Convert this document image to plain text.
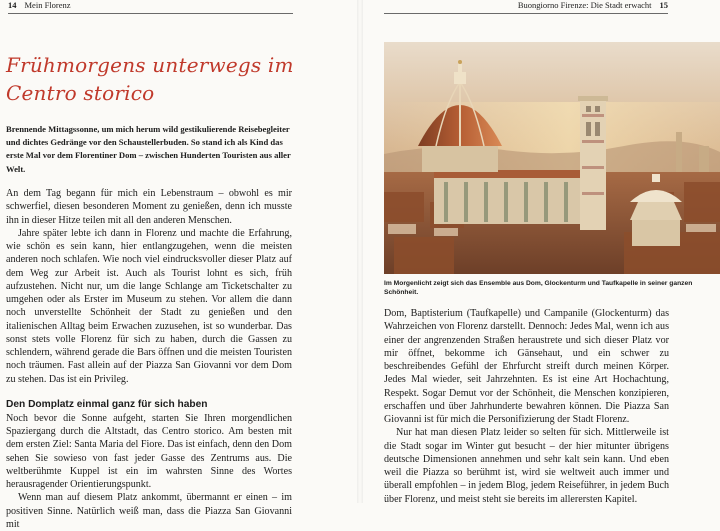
14 Mein Florenz
Frühmorgens unterwegs im Centro storico

Brennende Mittagssonne, um mich herum wild gestikulierende Reisebegleiter und dichtes Gedränge vor den Schaustellerbuden. So stand ich als Kind das erste Mal vor dem Florentiner Dom – zwischen Hunderten Touristen aus aller Welt.

An dem Tag begann für mich ein Lebenstraum – obwohl es mir schwerfiel, diesen besonderen Moment zu genießen, denn ich musste ihn in dieser Hitze teilen mit all den anderen Menschen.

Jahre später lebte ich dann in Florenz und machte die Erfahrung, wie schön es sein kann, hier entlangzugehen, wenn die meisten anderen noch schlafen. Wie noch viel eindrucksvoller dieser Platz auf dem Weg zur Arbeit ist. Auch als Tourist lohnt es sich, früh aufzustehen. Nicht nur, um die lange Schlange am Ticketschalter zu umgehen oder als Erster im Museum zu stehen. Vor allem die dann noch unverstellte Schönheit der Stadt zu genießen und den italienischen Alltag beim Erwachen zuzusehen, ist so wunderbar. Das sonst stets volle Florenz für sich zu haben, durch die Gassen zu schlendern, während gerade die Bars öffnen und die meisten Touristen noch träumen. Fast allein auf der Piazza San Giovanni vor dem Dom zu stehen. Das ist ein Privileg.

Den Domplatz einmal ganz für sich haben

Noch bevor die Sonne aufgeht, starten Sie Ihren morgendlichen Spaziergang durch die Altstadt, das Centro storico. Am besten mit dem ersten Ziel: Santa Maria del Fiore. Das ist einfach, denn den Dom sehen Sie sowieso von fast jeder Gasse des Zentrums aus. Die weltberühmte Kuppel ist ein im wahrsten Sinne des Wortes herausragender Orientierungspunkt.

Wenn man auf diesem Platz ankommt, übermannt er einen – im positiven Sinne. Natürlich weiß man, dass die Piazza San Giovanni mit

Buongiorno Firenze: Die Stadt erwacht 15

Im Morgenlicht zeigt sich das Ensemble aus Dom, Glockenturm und Taufkapelle in seiner ganzen Schönheit.

Dom, Baptisterium (Taufkapelle) und Campanile (Glockenturm) das Wahrzeichen von Florenz darstellt. Dennoch: Jedes Mal, wenn ich aus einer der angrenzenden Straßen heraustrete und sich dieser Platz vor mir öffnet, bekomme ich Gänsehaut, und ein schwer zu beschreibendes Gefühl der Ehrfurcht streift durch meinen Körper. Jedes Mal wieder, seit Jahrzehnten. Es ist eine Art Hochachtung, Respekt. Sogar Demut vor der Schönheit, die Menschen konzipieren, erschaffen und über Jahrhunderte bewahren können. Die Piazza San Giovanni ist für mich die Personifizierung der Stadt Florenz.

Nur hat man diesen Platz leider so selten für sich. Mittlerweile ist die Stadt sogar im Winter gut besucht – der hier mitunter übrigens deutsche Dimensionen annehmen und sehr kalt sein kann. Und eben weil die Piazza so berühmt ist, wird sie weltweit auch immer und überall empfohlen – in jedem Blog, jedem Reiseführer, in jedem Buch über Florenz, und meist steht sie bereits im allerersten Kapitel.
